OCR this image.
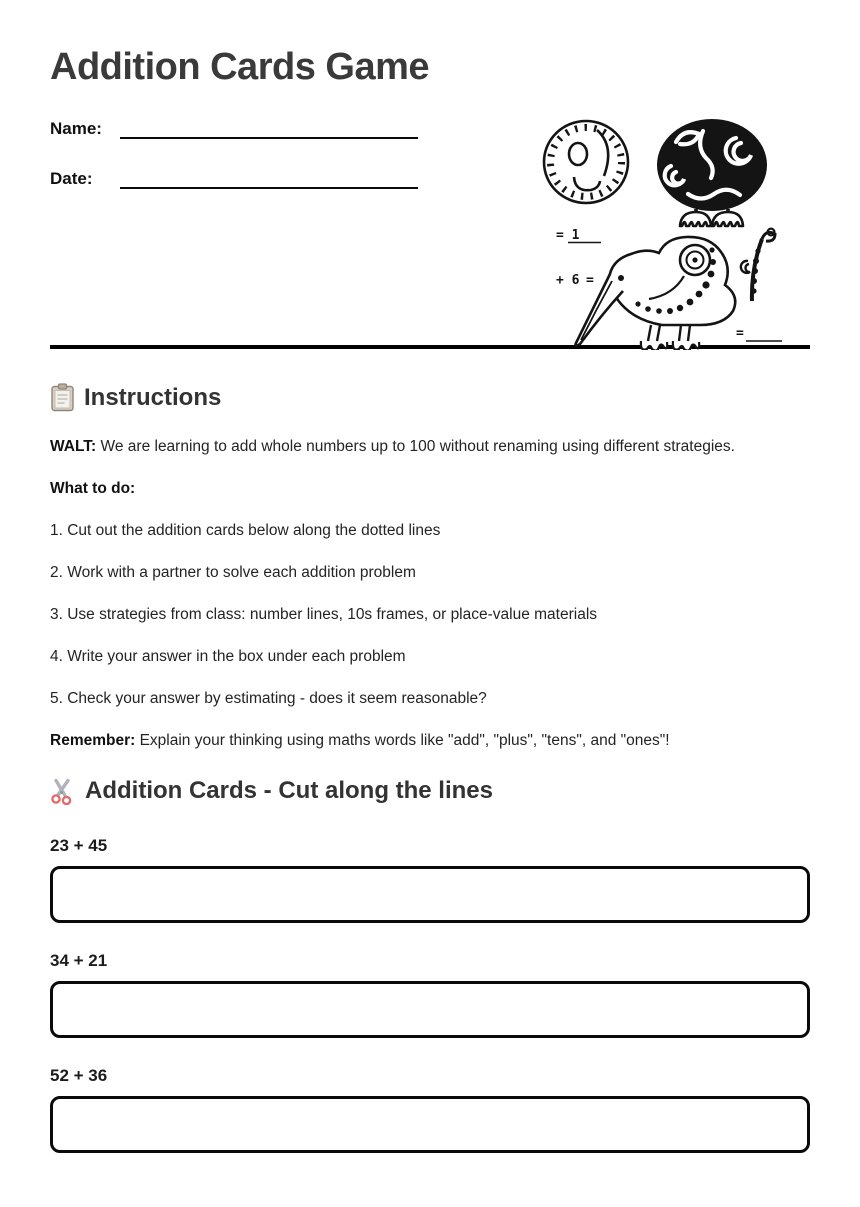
Addition Cards Game
Name:
Date:
= 1
+ 6 =
=
Instructions

WALT: We are learning to add whole numbers up to 100 without renaming using different strategies.

What to do:

1. Cut out the addition cards below along the dotted lines

2. Work with a partner to solve each addition problem

3. Use strategies from class: number lines, 10s frames, or place-value materials

4. Write your answer in the box under each problem

5. Check your answer by estimating - does it seem reasonable?

Remember: Explain your thinking using maths words like "add", "plus", "tens", and "ones"!

Addition Cards - Cut along the lines
23 + 45
34 + 21
52 + 36
